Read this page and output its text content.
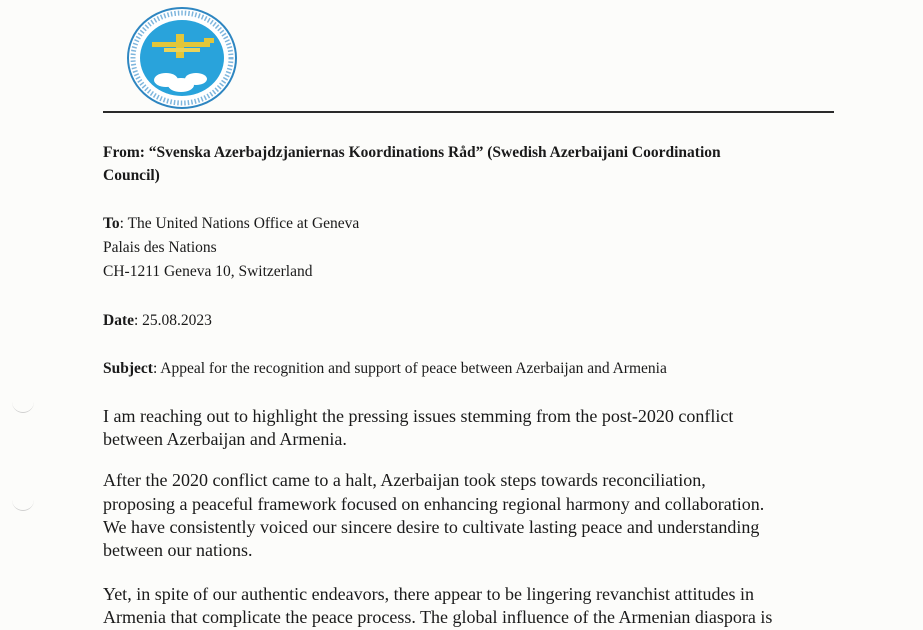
From: “Svenska Azerbajdzjaniernas Koordinations Råd” (Swedish Azerbaijani Coordination
Council)
To: The United Nations Office at Geneva
Palais des Nations
CH-1211 Geneva 10, Switzerland
Date: 25.08.2023
Subject: Appeal for the recognition and support of peace between Azerbaijan and Armenia
I am reaching out to highlight the pressing issues stemming from the post-2020 conflict
between Azerbaijan and Armenia.
After the 2020 conflict came to a halt, Azerbaijan took steps towards reconciliation,
proposing a peaceful framework focused on enhancing regional harmony and collaboration.
We have consistently voiced our sincere desire to cultivate lasting peace and understanding
between our nations.
Yet, in spite of our authentic endeavors, there appear to be lingering revanchist attitudes in
Armenia that complicate the peace process. The global influence of the Armenian diaspora is
